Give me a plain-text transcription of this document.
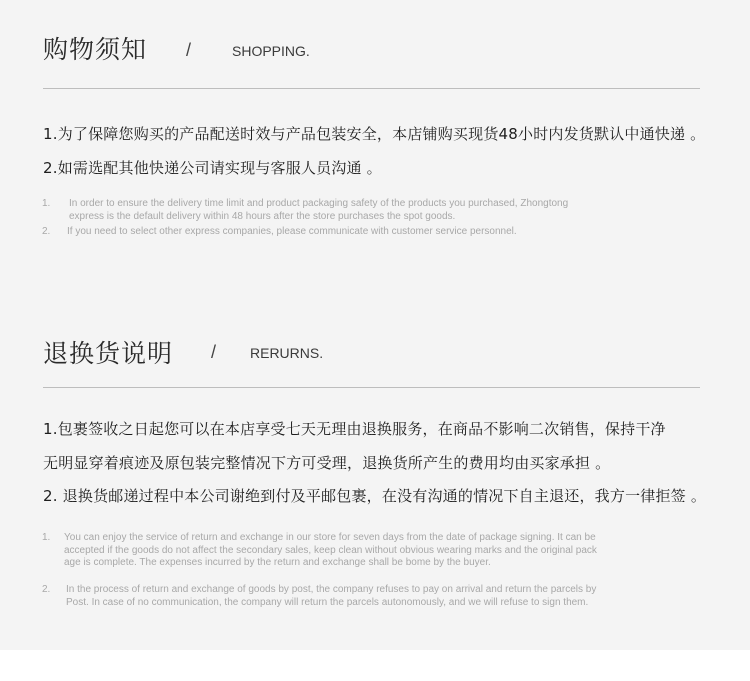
购物须知 /	SHOPPING.
1.为了保障您购买的产品配送时效与产品包装安全，本店铺购买现货48小时内发货默认中通快递 。
2.如需选配其他快递公司请实现与客服人员沟通 。
1. In order to ensure the delivery time limit and product packaging safety of the products you purchased, Zhongtong
express is the default delivery within 48 hours after the store purchases the spot goods.
2. If you need to select other express companies, please communicate with customer service personnel.
退换货说明 / RERURNS.
1.包裹签收之日起您可以在本店享受七天无理由退换服务，在商品不影响二次销售，保持干净
无明显穿着痕迹及原包装完整情况下方可受理，退换货所产生的费用均由买家承担 。
2. 退换货邮递过程中本公司谢绝到付及平邮包裹，在没有沟通的情况下自主退还，我方一律拒签 。
1. You can enjoy the service of return and exchange in our store for seven days from the date of package signing. It can be
accepted if the goods do not affect the secondary sales, keep clean without obvious wearing marks and the original pack
age is complete. The expenses incurred by the return and exchange shall be bome by the buyer.
2. In the process of return and exchange of goods by post, the company refuses to pay on arrival and return the parcels by
Post. In case of no communication, the company will return the parcels autonomously, and we will refuse to sign them.
